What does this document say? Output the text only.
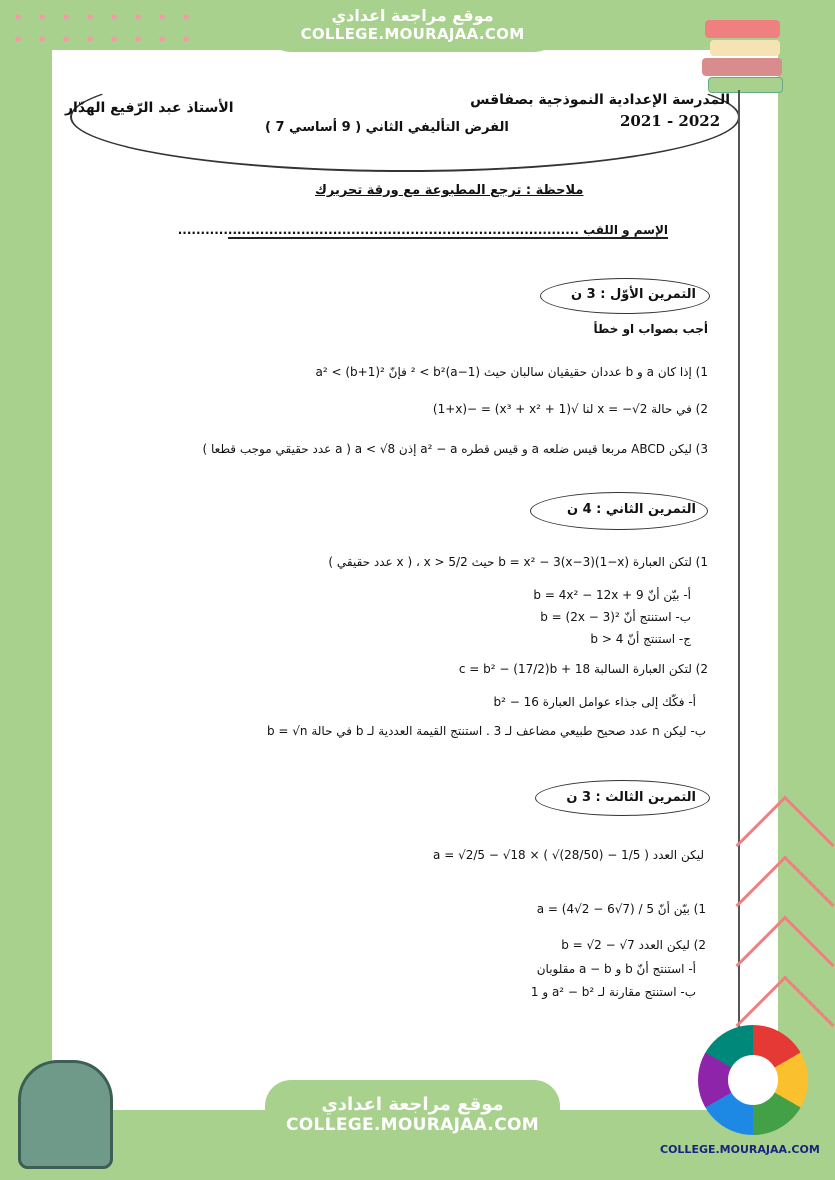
موقع مراجعة اعدادي
COLLEGE.MOURAJAA.COM
المدرسة الإعدادية النموذجية بصفاقس
2021 - 2022
الأستاذ عبد الرّفيع الهدّار
الفرض التأليفي الثاني ( 9 أساسي 7 )
ملاحظة : ترجع المطبوعة مع ورقة تحريرك
الإسم و اللقب ........................................................................................
التمرين الأوّل : 3 ن
أجب بصواب او خطأ
1) إذا كان a و b عددان حقيقيان سالبان حيث (a−1)² < b² فإنّ a² < (b+1)²
2) في حالة x = −√2 لنا √(x³ + x² + 1) = −(1+x)
3) ليكن ABCD مربعا قيس ضلعه a و قيس قطره a² − a إذن a < √8 ( a عدد حقيقي موجب قطعا )
التمرين الثاني : 4 ن
1) لتكن العبارة b = x² − 3(x−3)(1−x) حيث x > 5/2 ، ( x عدد حقيقي )
أ- بيّن أنّ b = 4x² − 12x + 9
ب- استنتج أنّ b = (2x − 3)²
ج- استنتج أنّ b > 4
2) لتكن العبارة السالبة c = b² − (17/2)b + 18
أ- فكّك إلى جذاء عوامل العبارة b² − 16
ب- ليكن n عدد صحيح طبيعي مضاعف لـ 3 . استنتج القيمة العددية لـ b في حالة b = √n
التمرين الثالث : 3 ن
ليكن العدد a = √2/5 − √18 × ( √(28/50) − 1/5 )
1) بيّن أنّ a = (4√2 − 6√7) / 5
2) ليكن العدد b = √2 − √7
أ- استنتج أنّ b و a − b مقلوبان
ب- استنتج مقارنة لـ a² − b² و 1
موقع مراجعة اعدادي
COLLEGE.MOURAJAA.COM
COLLEGE.MOURAJAA.COM
